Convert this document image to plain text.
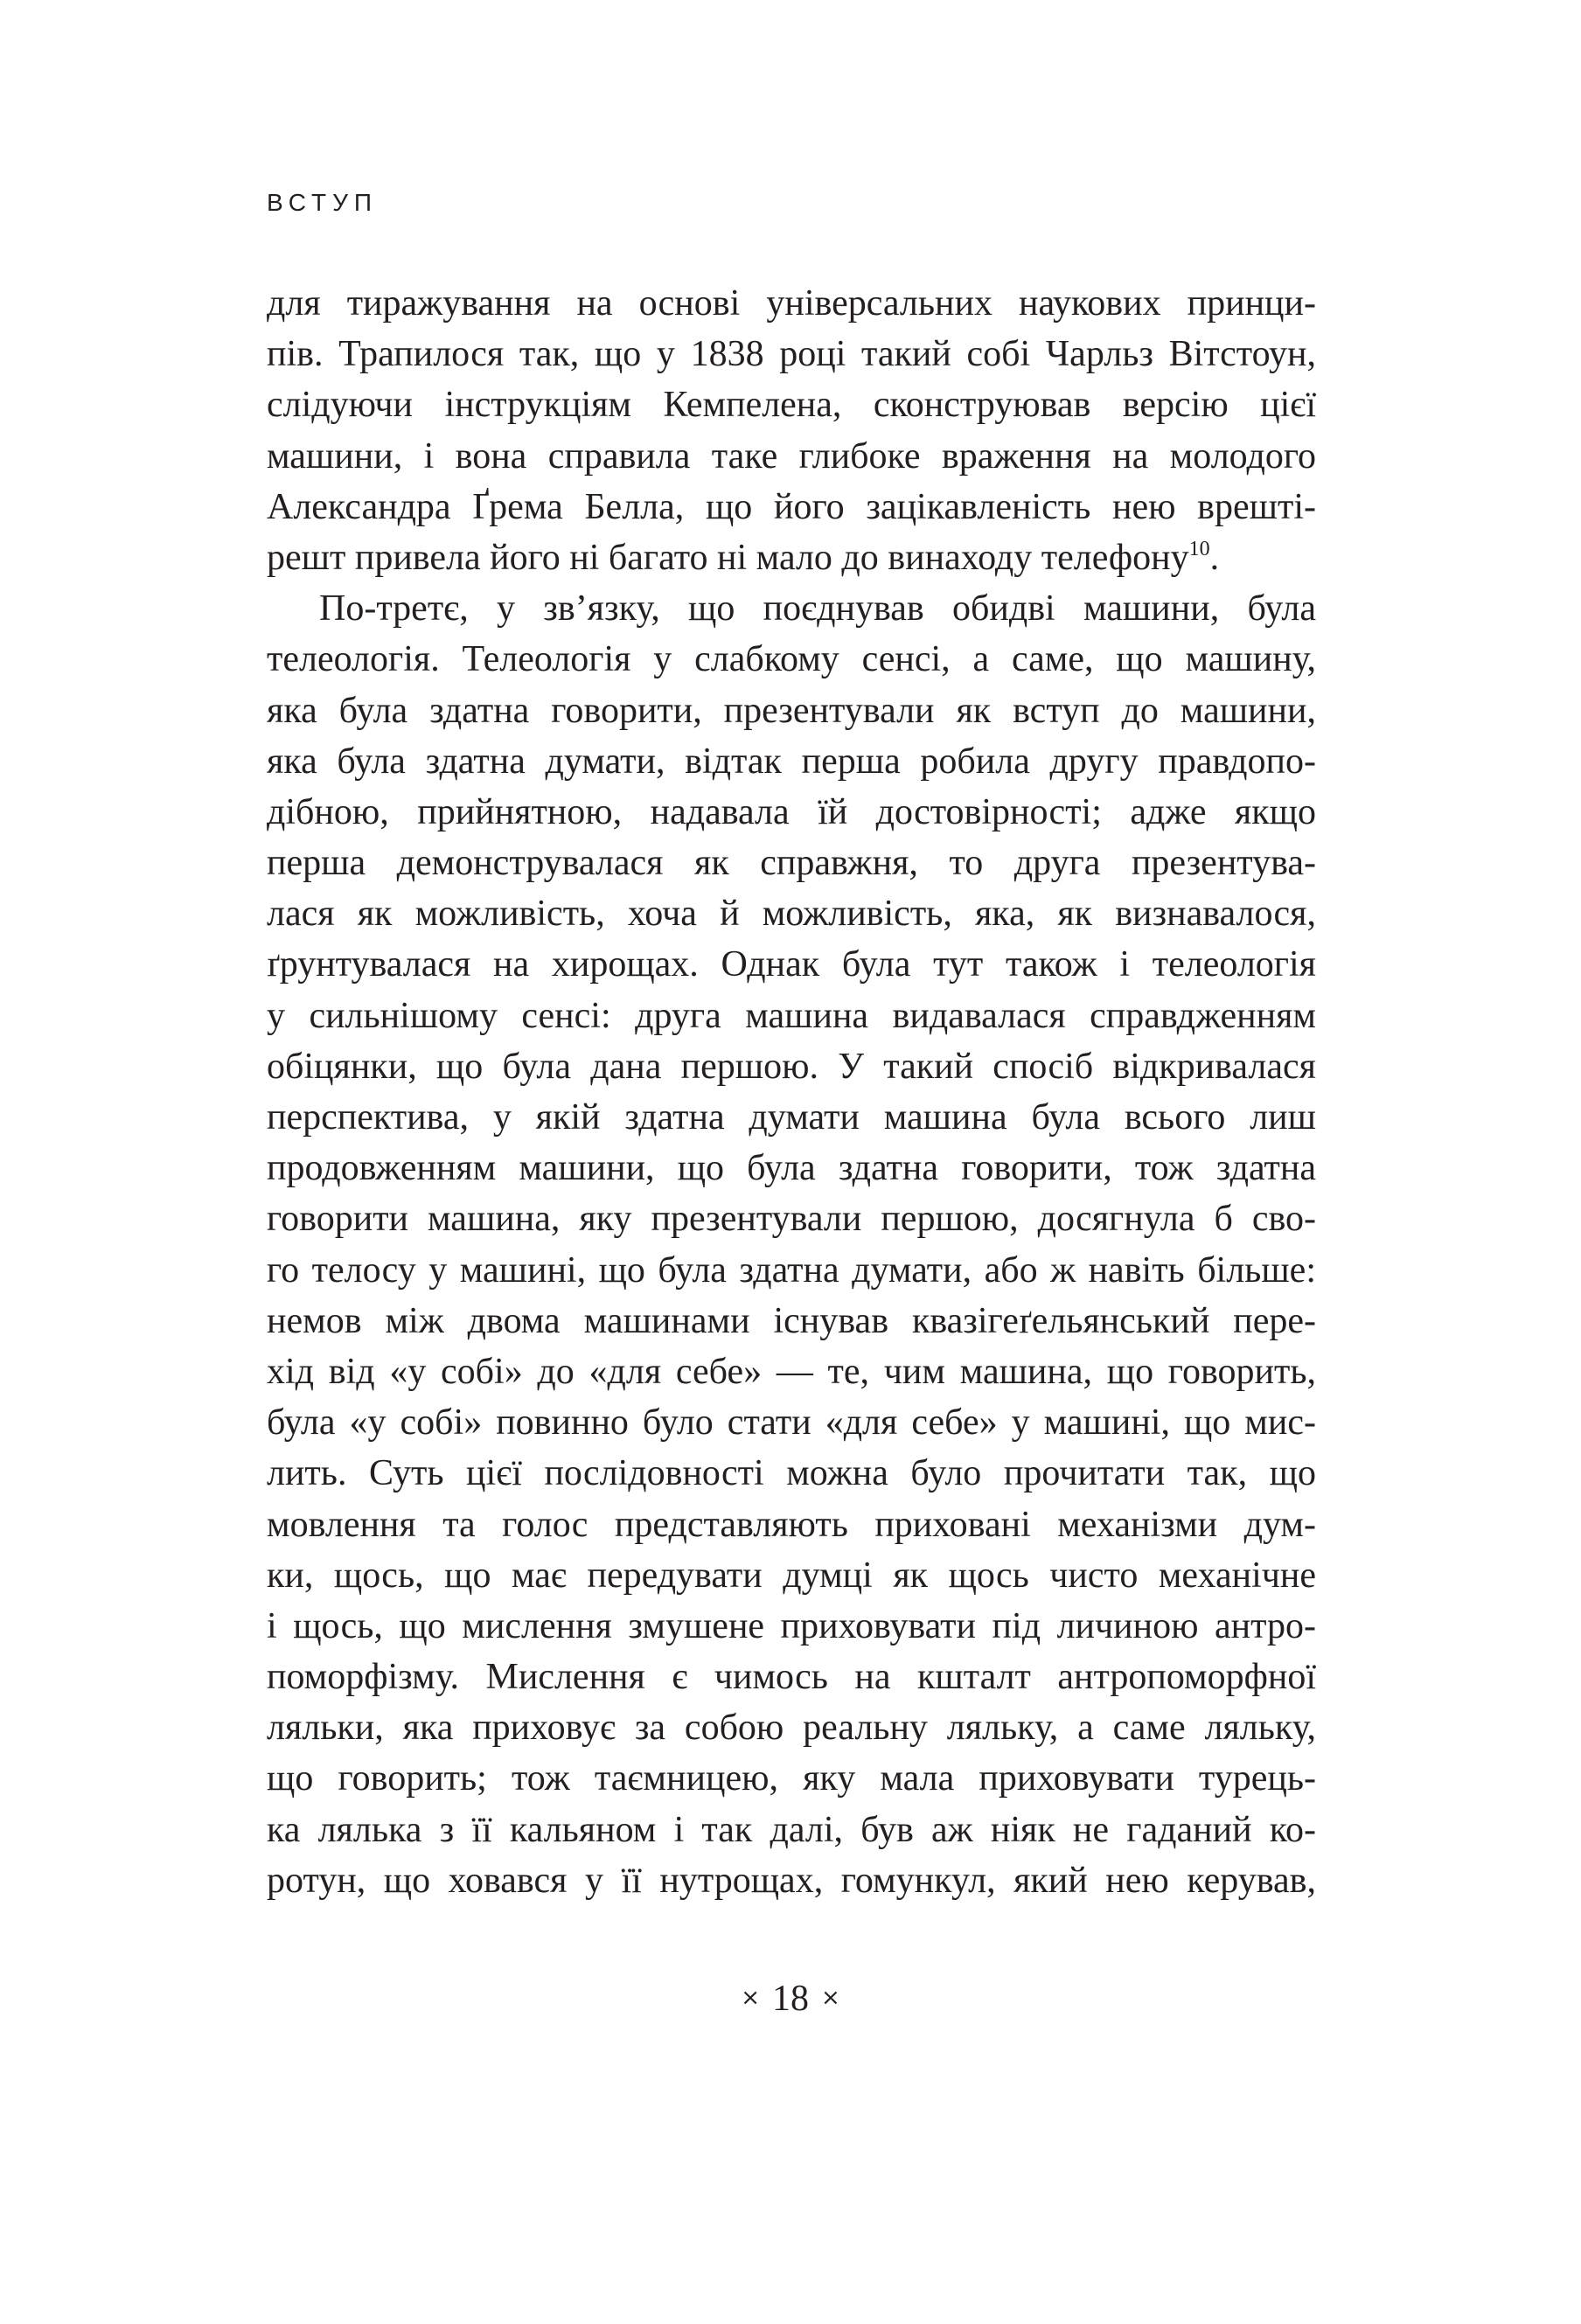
ВСТУП
для тиражування на основі універсальних наукових принци-
пів. Трапилося так, що у 1838 році такий собі Чарльз Вітстоун,
слідуючи інструкціям Кемпелена, сконструював версію цієї
машини, і вона справила таке глибоке враження на молодого
Александра Ґрема Белла, що його зацікавленість нею врешті-
решт привела його ні багато ні мало до винаходу телефону$^{10}$.
По-третє, у зв’язку, що поєднував обидві машини, була
телеологія. Телеологія у слабкому сенсі, а саме, що машину,
яка була здатна говорити, презентували як вступ до машини,
яка була здатна думати, відтак перша робила другу правдопо-
дібною, прийнятною, надавала їй достовірності; адже якщо
перша демонструвалася як справжня, то друга презентува-
лася як можливість, хоча й можливість, яка, як визнавалося,
ґрунтувалася на хирощах. Однак була тут також і телеологія
у сильнішому сенсі: друга машина видавалася справдженням
обіцянки, що була дана першою. У такий спосіб відкривалася
перспектива, у якій здатна думати машина була всього лиш
продовженням машини, що була здатна говорити, тож здатна
говорити машина, яку презентували першою, досягнула б сво-
го телосу у машині, що була здатна думати, або ж навіть більше:
немов між двома машинами існував квазігеґельянський пере-
хід від «у собі» до «для себе» — те, чим машина, що говорить,
була «у собі» повинно було стати «для себе» у машині, що мис-
лить. Суть цієї послідовності можна було прочитати так, що
мовлення та голос представляють приховані механізми дум-
ки, щось, що має передувати думці як щось чисто механічне
і щось, що мислення змушене приховувати під личиною антро-
поморфізму. Мислення є чимось на кшталт антропоморфної
ляльки, яка приховує за собою реальну ляльку, а саме ляльку,
що говорить; тож таємницею, яку мала приховувати турець-
ка лялька з її кальяном і так далі, був аж ніяк не гаданий ко-
ротун, що ховався у її нутрощах, гомункул, який нею керував,
× 18 ×
